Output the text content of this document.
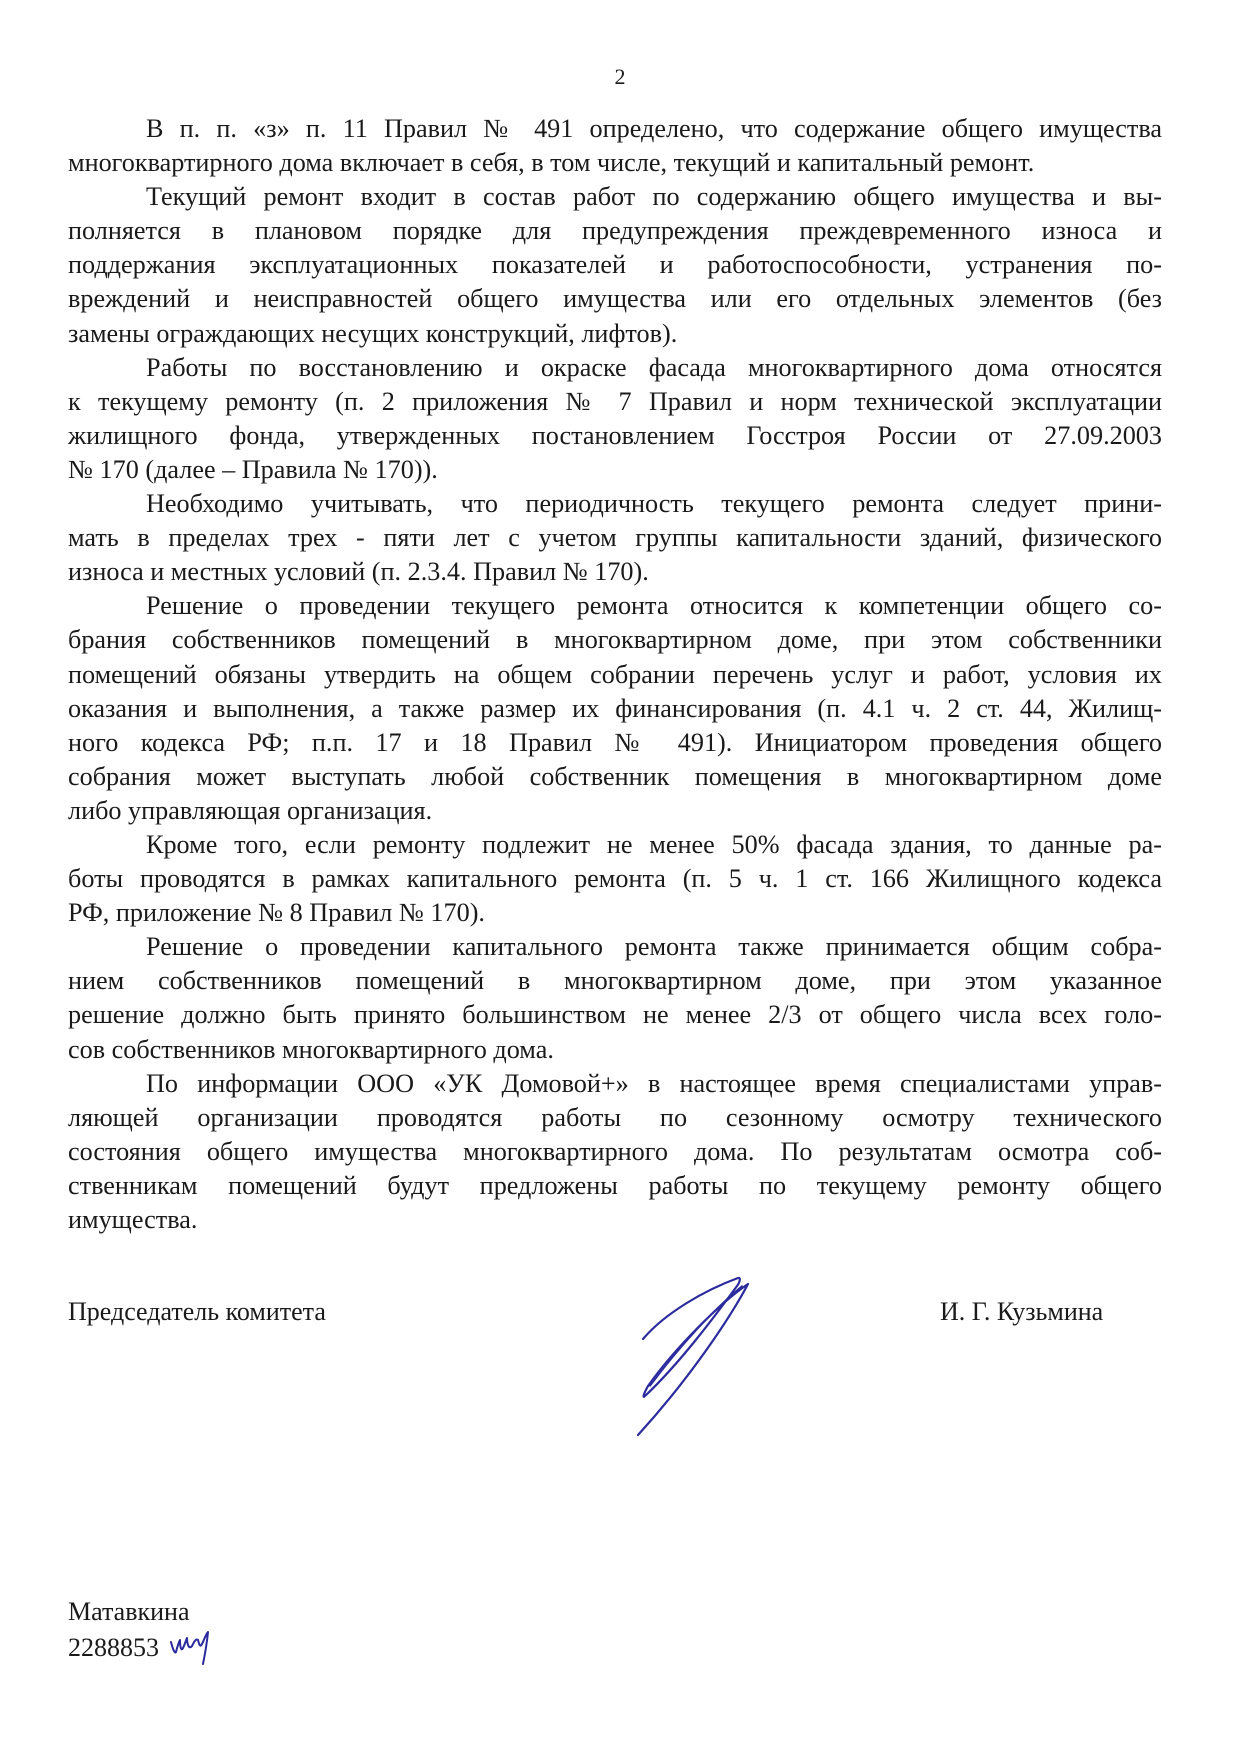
2
В п. п. «з» п. 11 Правил № 491 определено, что содержание общего имущества
многоквартирного дома включает в себя, в том числе, текущий и капитальный ремонт.
Текущий ремонт входит в состав работ по содержанию общего имущества и вы-
полняется в плановом порядке для предупреждения преждевременного износа и
поддержания эксплуатационных показателей и работоспособности, устранения по-
вреждений и неисправностей общего имущества или его отдельных элементов (без
замены ограждающих несущих конструкций, лифтов).
Работы по восстановлению и окраске фасада многоквартирного дома относятся
к текущему ремонту (п. 2 приложения № 7 Правил и норм технической эксплуатации
жилищного фонда, утвержденных постановлением Госстроя России от 27.09.2003
№ 170 (далее – Правила № 170)).
Необходимо учитывать, что периодичность текущего ремонта следует прини-
мать в пределах трех - пяти лет с учетом группы капитальности зданий, физического
износа и местных условий (п. 2.3.4. Правил № 170).
Решение о проведении текущего ремонта относится к компетенции общего со-
брания собственников помещений в многоквартирном доме, при этом собственники
помещений обязаны утвердить на общем собрании перечень услуг и работ, условия их
оказания и выполнения, а также размер их финансирования (п. 4.1 ч. 2 ст. 44, Жилищ-
ного кодекса РФ; п.п. 17 и 18 Правил № 491). Инициатором проведения общего
собрания может выступать любой собственник помещения в многоквартирном доме
либо управляющая организация.
Кроме того, если ремонту подлежит не менее 50% фасада здания, то данные ра-
боты проводятся в рамках капитального ремонта (п. 5 ч. 1 ст. 166 Жилищного кодекса
РФ, приложение № 8 Правил № 170).
Решение о проведении капитального ремонта также принимается общим собра-
нием собственников помещений в многоквартирном доме, при этом указанное
решение должно быть принято большинством не менее 2/3 от общего числа всех голо-
сов собственников многоквартирного дома.
По информации ООО «УК Домовой+» в настоящее время специалистами управ-
ляющей организации проводятся работы по сезонному осмотру технического
состояния общего имущества многоквартирного дома. По результатам осмотра соб-
ственникам помещений будут предложены работы по текущему ремонту общего
имущества.
Председатель комитета	И. Г. Кузьмина
Матавкина
2288853
